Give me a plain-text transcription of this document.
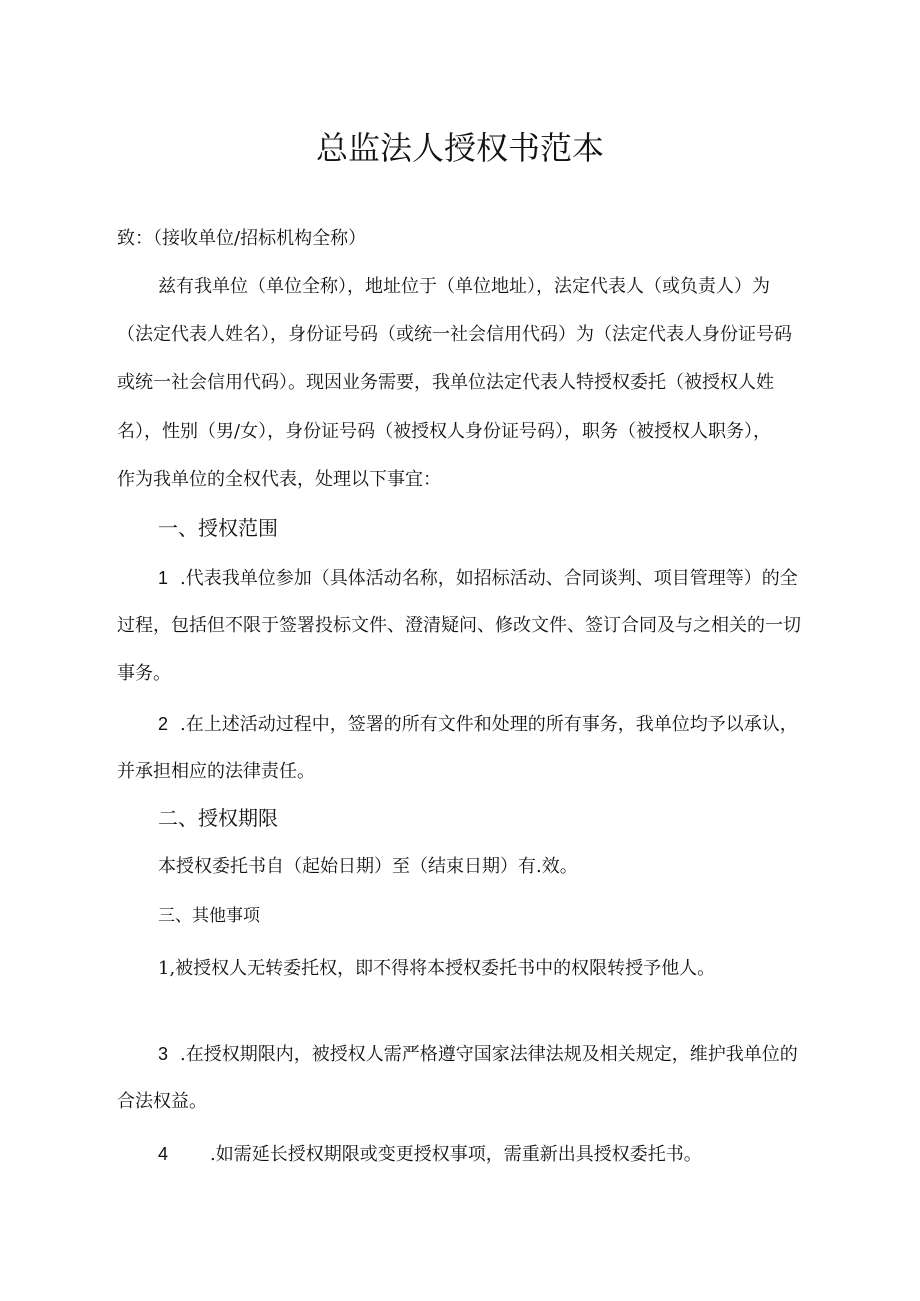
总监法人授权书范本

致：（接收单位/招标机构全称）

兹有我单位（单位全称），地址位于（单位地址），法定代表人（或负责人）为

（法定代表人姓名），身份证号码（或统一社会信用代码）为（法定代表人身份证号码

或统一社会信用代码）。现因业务需要，我单位法定代表人特授权委托（被授权人姓

名），性别（男/女），身份证号码（被授权人身份证号码），职务（被授权人职务），

作为我单位的全权代表，处理以下事宜：

一、授权范围

1 .代表我单位参加（具体活动名称，如招标活动、合同谈判、项目管理等）的全

过程，包括但不限于签署投标文件、澄清疑问、修改文件、签订合同及与之相关的一切

事务。

2 .在上述活动过程中，签署的所有文件和处理的所有事务，我单位均予以承认，

并承担相应的法律责任。

二、授权期限

本授权委托书自（起始日期）至（结束日期）有.效。

三、其他事项

1,被授权人无转委托权，即不得将本授权委托书中的权限转授予他人。

3 .在授权期限内，被授权人需严格遵守国家法律法规及相关规定，维护我单位的

合法权益。

4 .如需延长授权期限或变更授权事项，需重新出具授权委托书。
